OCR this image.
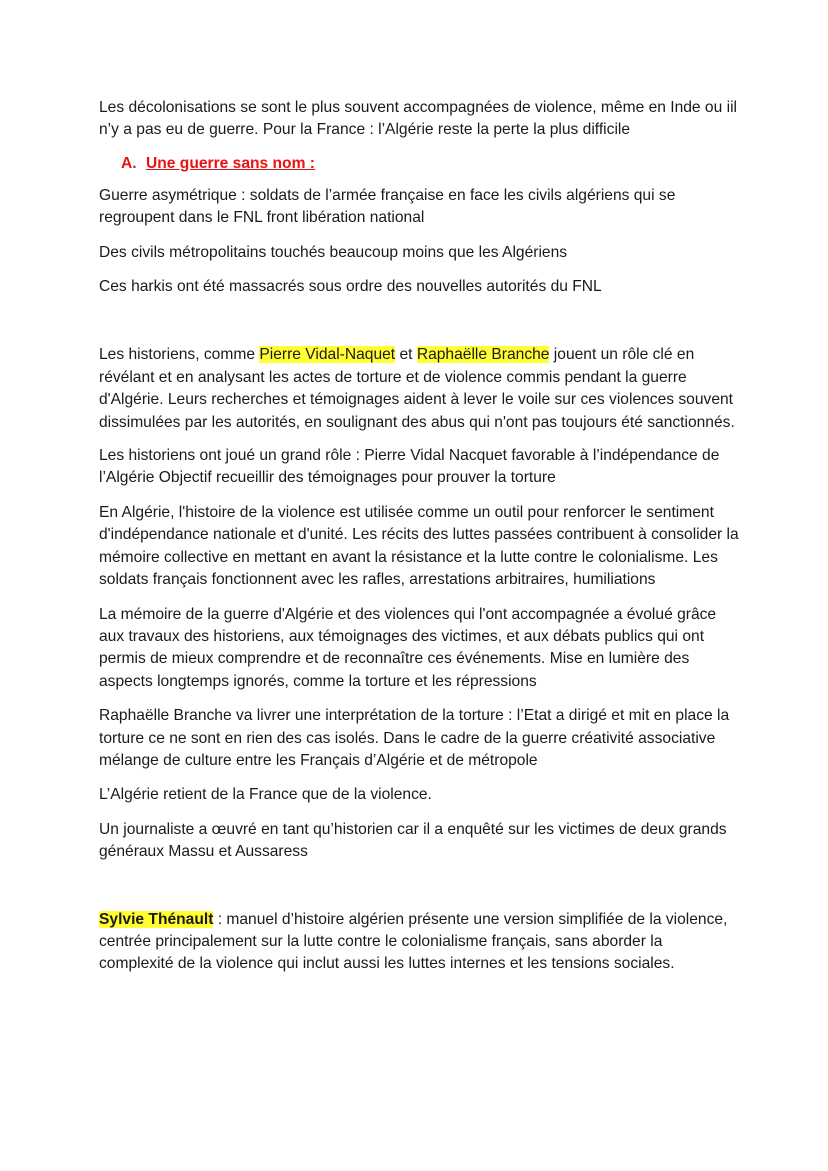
Les décolonisations se sont le plus souvent accompagnées de violence, même en Inde ou iil n’y a pas eu de guerre. Pour la France : l’Algérie reste la perte la plus difficile

A. Une guerre sans nom :

Guerre asymétrique : soldats de l’armée française en face les civils algériens qui se regroupent dans le FNL front libération national

Des civils métropolitains touchés beaucoup moins que les Algériens

Ces harkis ont été massacrés sous ordre des nouvelles autorités du FNL

Les historiens, comme Pierre Vidal-Naquet et Raphaëlle Branche jouent un rôle clé en révélant et en analysant les actes de torture et de violence commis pendant la guerre d'Algérie. Leurs recherches et témoignages aident à lever le voile sur ces violences souvent dissimulées par les autorités, en soulignant des abus qui n'ont pas toujours été sanctionnés.

Les historiens ont joué un grand rôle : Pierre Vidal Nacquet favorable à l’indépendance de l’Algérie Objectif recueillir des témoignages pour prouver la torture

En Algérie, l'histoire de la violence est utilisée comme un outil pour renforcer le sentiment d'indépendance nationale et d'unité. Les récits des luttes passées contribuent à consolider la mémoire collective en mettant en avant la résistance et la lutte contre le colonialisme. Les soldats français fonctionnent avec les rafles, arrestations arbitraires, humiliations

La mémoire de la guerre d'Algérie et des violences qui l'ont accompagnée a évolué grâce aux travaux des historiens, aux témoignages des victimes, et aux débats publics qui ont permis de mieux comprendre et de reconnaître ces événements. Mise en lumière des aspects longtemps ignorés, comme la torture et les répressions

Raphaëlle Branche va livrer une interprétation de la torture : l’Etat a dirigé et mit en place la torture ce ne sont en rien des cas isolés. Dans le cadre de la guerre créativité associative mélange de culture entre les Français d’Algérie et de métropole

L’Algérie retient de la France que de la violence.

Un journaliste a œuvré en tant qu’historien car il a enquêté sur les victimes de deux grands généraux Massu et Aussaress

Sylvie Thénault : manuel d’histoire algérien présente une version simplifiée de la violence, centrée principalement sur la lutte contre le colonialisme français, sans aborder la complexité de la violence qui inclut aussi les luttes internes et les tensions sociales.
